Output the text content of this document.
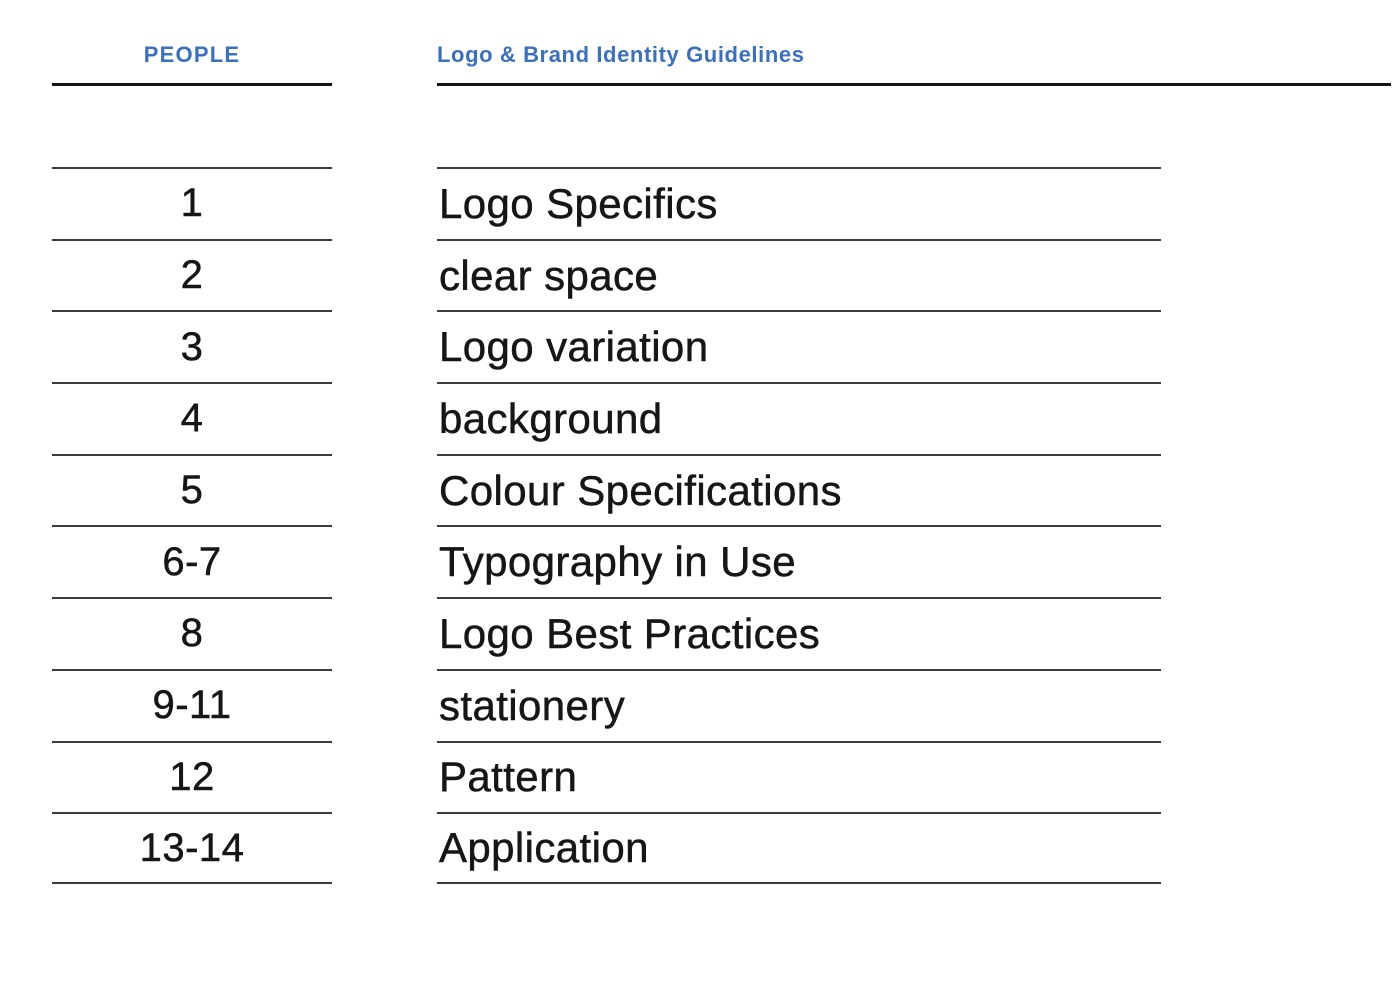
PEOPLE	Logo & Brand Identity Guidelines
1	Logo Specifics
2	clear space
3	Logo variation
4	background
5	Colour Specifications
6-7	Typography in Use
8	Logo Best Practices
9-11	stationery
12	Pattern
13-14	Application
